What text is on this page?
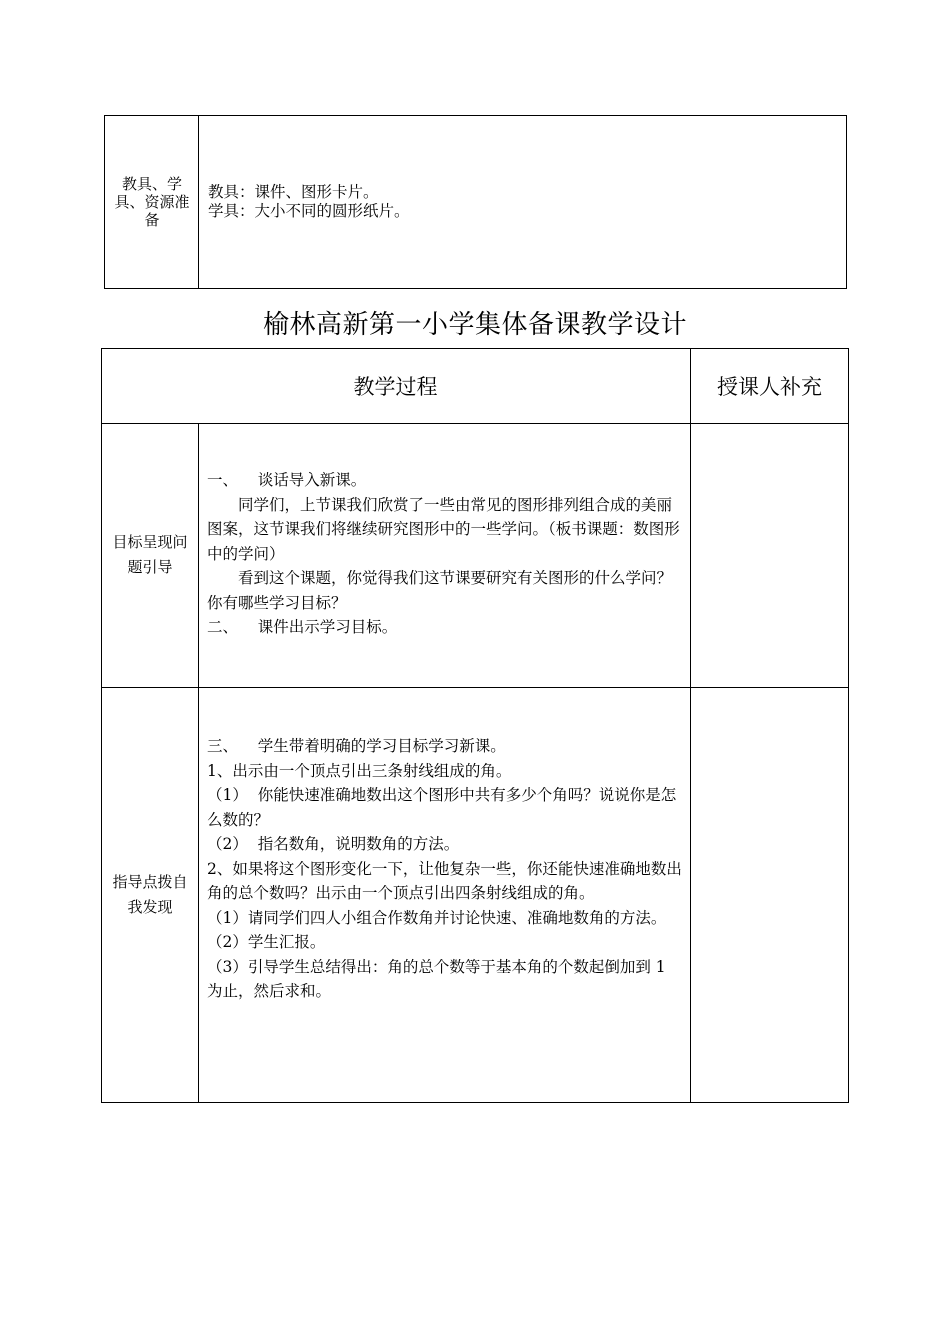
教具、学具、资源准备

教具：课件、图形卡片。

学具：大小不同的圆形纸片。

榆林高新第一小学集体备课教学设计
教学过程	授课人补充
目标呈现问题引导

一、    谈话导入新课。

同学们，上节课我们欣赏了一些由常见的图形排列组合成的美丽图案，这节课我们将继续研究图形中的一些学问。（板书课题：数图形中的学问）

看到这个课题，你觉得我们这节课要研究有关图形的什么学问？你有哪些学习目标？

二、    课件出示学习目标。

指导点拨自我发现

三、    学生带着明确的学习目标学习新课。

1、出示由一个顶点引出三条射线组成的角。

（1）  你能快速准确地数出这个图形中共有多少个角吗？说说你是怎么数的？

（2）  指名数角，说明数角的方法。

2、如果将这个图形变化一下，让他复杂一些，你还能快速准确地数出角的总个数吗？出示由一个顶点引出四条射线组成的角。

（1）请同学们四人小组合作数角并讨论快速、准确地数角的方法。

（2）学生汇报。

（3）引导学生总结得出：角的总个数等于基本角的个数起倒加到 1 为止，然后求和。
